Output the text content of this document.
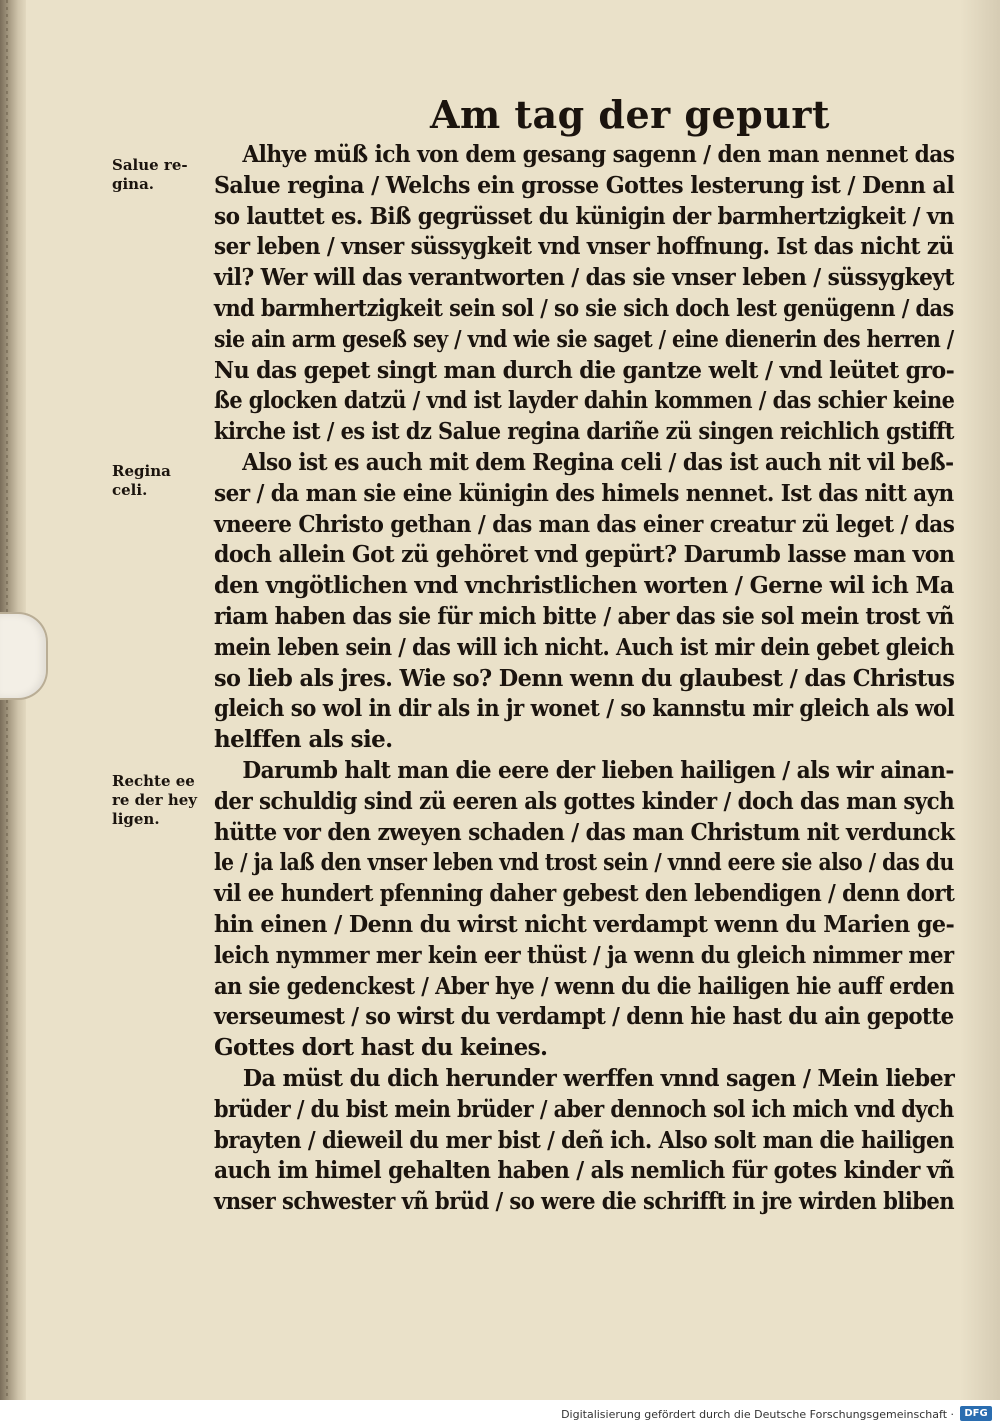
Am tag der gepurt
Salue re-
gina.
Regina
celi.
Rechte ee
re der hey
ligen.
Alhye müß ich von dem gesang sagenn / den man nennet das
Salue regina / Welchs ein grosse Gottes lesterung ist / Denn al
so lauttet es. Biß gegrüsset du künigin der barmhertzigkeit / vn
ser leben / vnser süssygkeit vnd vnser hoffnung. Ist das nicht zü
vil? Wer will das verantworten / das sie vnser leben / süssygkeyt
vnd barmhertzigkeit sein sol / so sie sich doch lest genügenn / das
sie ain arm geseß sey / vnd wie sie saget / eine dienerin des herren /
Nu das gepet singt man durch die gantze welt / vnd leütet gro-
ße glocken datzü / vnd ist layder dahin kommen / das schier keine
kirche ist / es ist dz Salue regina dariñe zü singen reichlich gstifft
Also ist es auch mit dem Regina celi / das ist auch nit vil beß-
ser / da man sie eine künigin des himels nennet. Ist das nitt ayn
vneere Christo gethan / das man das einer creatur zü leget / das
doch allein Got zü gehöret vnd gepürt? Darumb lasse man von
den vngötlichen vnd vnchristlichen worten / Gerne wil ich Ma
riam haben das sie für mich bitte / aber das sie sol mein trost vñ
mein leben sein / das will ich nicht. Auch ist mir dein gebet gleich
so lieb als jres. Wie so? Denn wenn du glaubest / das Christus
gleich so wol in dir als in jr wonet / so kannstu mir gleich als wol
helffen als sie.
Darumb halt man die eere der lieben hailigen / als wir ainan-
der schuldig sind zü eeren als gottes kinder / doch das man sych
hütte vor den zweyen schaden / das man Christum nit verdunck
le / ja laß den vnser leben vnd trost sein / vnnd eere sie also / das du
vil ee hundert pfenning daher gebest den lebendigen / denn dort
hin einen / Denn du wirst nicht verdampt wenn du Marien ge-
leich nymmer mer kein eer thüst / ja wenn du gleich nimmer mer
an sie gedenckest / Aber hye / wenn du die hailigen hie auff erden
verseumest / so wirst du verdampt / denn hie hast du ain gepotte
Gottes dort hast du keines.
Da müst du dich herunder werffen vnnd sagen / Mein lieber
brüder / du bist mein brüder / aber dennoch sol ich mich vnd dych
brayten / dieweil du mer bist / deñ ich. Also solt man die hailigen
auch im himel gehalten haben / als nemlich für gotes kinder vñ
vnser schwester vñ brüd / so were die schrifft in jre wirden bliben
Digitalisierung gefördert durch die Deutsche Forschungsgemeinschaft ·	DFG
